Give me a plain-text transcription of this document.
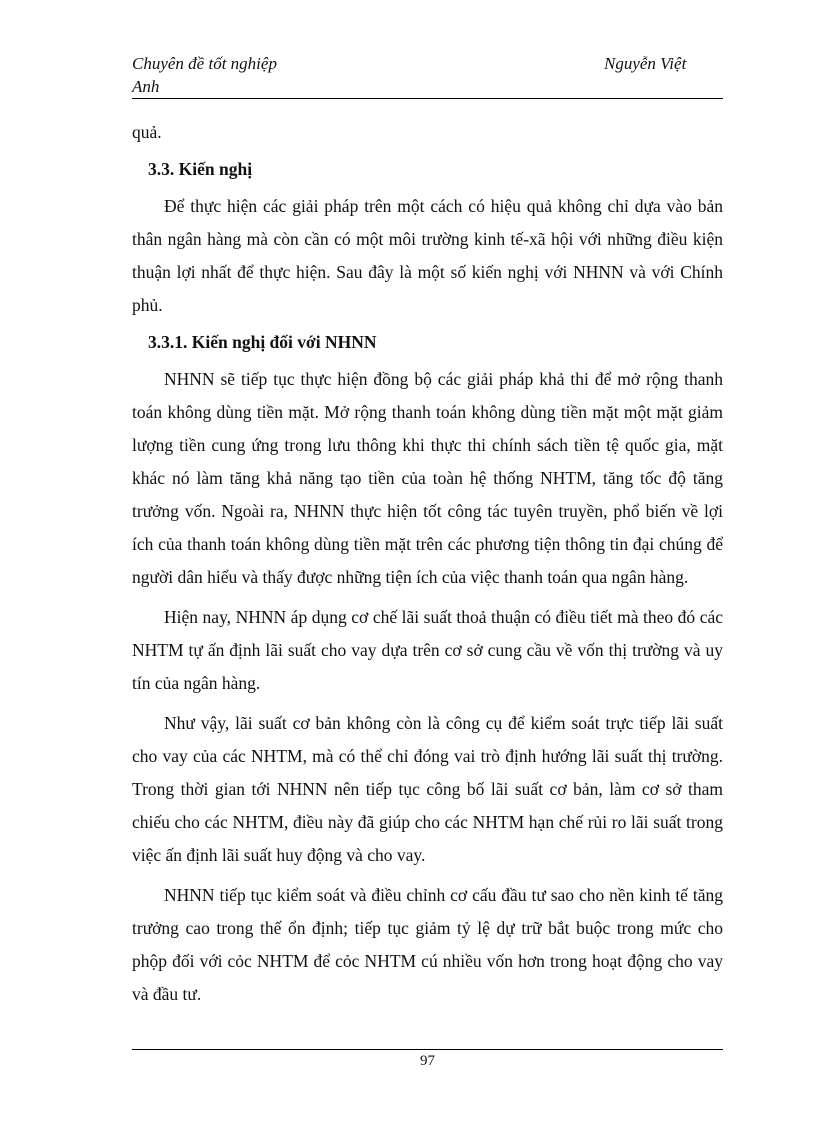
Chuyên đề tốt nghiệp
Anh
Nguyễn Việt

quả.

3.3. Kiến nghị

Để thực hiện các giải pháp trên một cách có hiệu quả không chỉ dựa vào bản thân ngân hàng mà còn cần có một môi trường kinh tế-xã hội với những điều kiện thuận lợi nhất để thực hiện. Sau đây là một số kiến nghị với NHNN và với Chính phủ.

3.3.1. Kiến nghị đối với NHNN

NHNN sẽ tiếp tục thực hiện đồng bộ các giải pháp khả thi để mở rộng thanh toán không dùng tiền mặt. Mở rộng thanh toán không dùng tiền mặt một mặt giảm lượng tiền cung ứng trong lưu thông khi thực thi chính sách tiền tệ quốc gia, mặt khác nó làm tăng khả năng tạo tiền của toàn hệ thống NHTM, tăng tốc độ tăng trưởng vốn. Ngoài ra, NHNN thực hiện tốt công tác tuyên truyền, phổ biến về lợi ích của thanh toán không dùng tiền mặt trên các phương tiện thông tin đại chúng để người dân hiểu và thấy được những tiện ích của việc thanh toán qua ngân hàng.

Hiện nay, NHNN áp dụng cơ chế lãi suất thoả thuận có điều tiết mà theo đó các NHTM tự ấn định lãi suất cho vay dựa trên cơ sở cung cầu về vốn thị trường và uy tín của ngân hàng.

Như vậy, lãi suất cơ bản không còn là công cụ để kiểm soát trực tiếp lãi suất cho vay của các NHTM, mà có thể chỉ đóng vai trò định hướng lãi suất thị trường. Trong thời gian tới NHNN nên tiếp tục công bố lãi suất cơ bản, làm cơ sở tham chiếu cho các NHTM, điều này đã giúp cho các NHTM hạn chế rủi ro lãi suất trong việc ấn định lãi suất huy động và cho vay.

NHNN tiếp tục kiểm soát và điều chỉnh cơ cấu đầu tư sao cho nền kinh tế tăng trưởng cao trong thế ổn định; tiếp tục giảm tỷ lệ dự trữ bắt buộc trong mức cho phộp đối với cỏc NHTM để cỏc NHTM cú nhiều vốn hơn trong hoạt động cho vay và đầu tư.

97
